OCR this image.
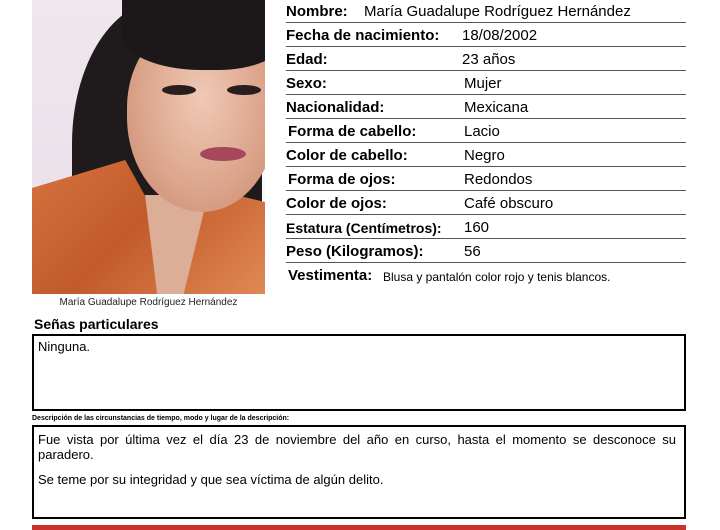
María Guadalupe Rodríguez Hernández
Nombre: María Guadalupe Rodríguez Hernández
Fecha de nacimiento: 18/08/2002
Edad:	23 años
Sexo:	Mujer
Nacionalidad:	Mexicana
Forma de cabello:	Lacio
Color de cabello:	Negro
Forma de ojos:	Redondos
Color de ojos:	Café obscuro
Estatura (Centímetros): 160
Peso (Kilogramos):	56
Vestimenta: Blusa y pantalón color rojo y tenis blancos.
Señas particulares
Ninguna.
Descripción de las circunstancias de tiempo, modo y lugar de la descripción:

Fue vista por última vez el día 23 de noviembre del año en curso, hasta el momento se desconoce su paradero.

Se teme por su integridad y que sea víctima de algún delito.
